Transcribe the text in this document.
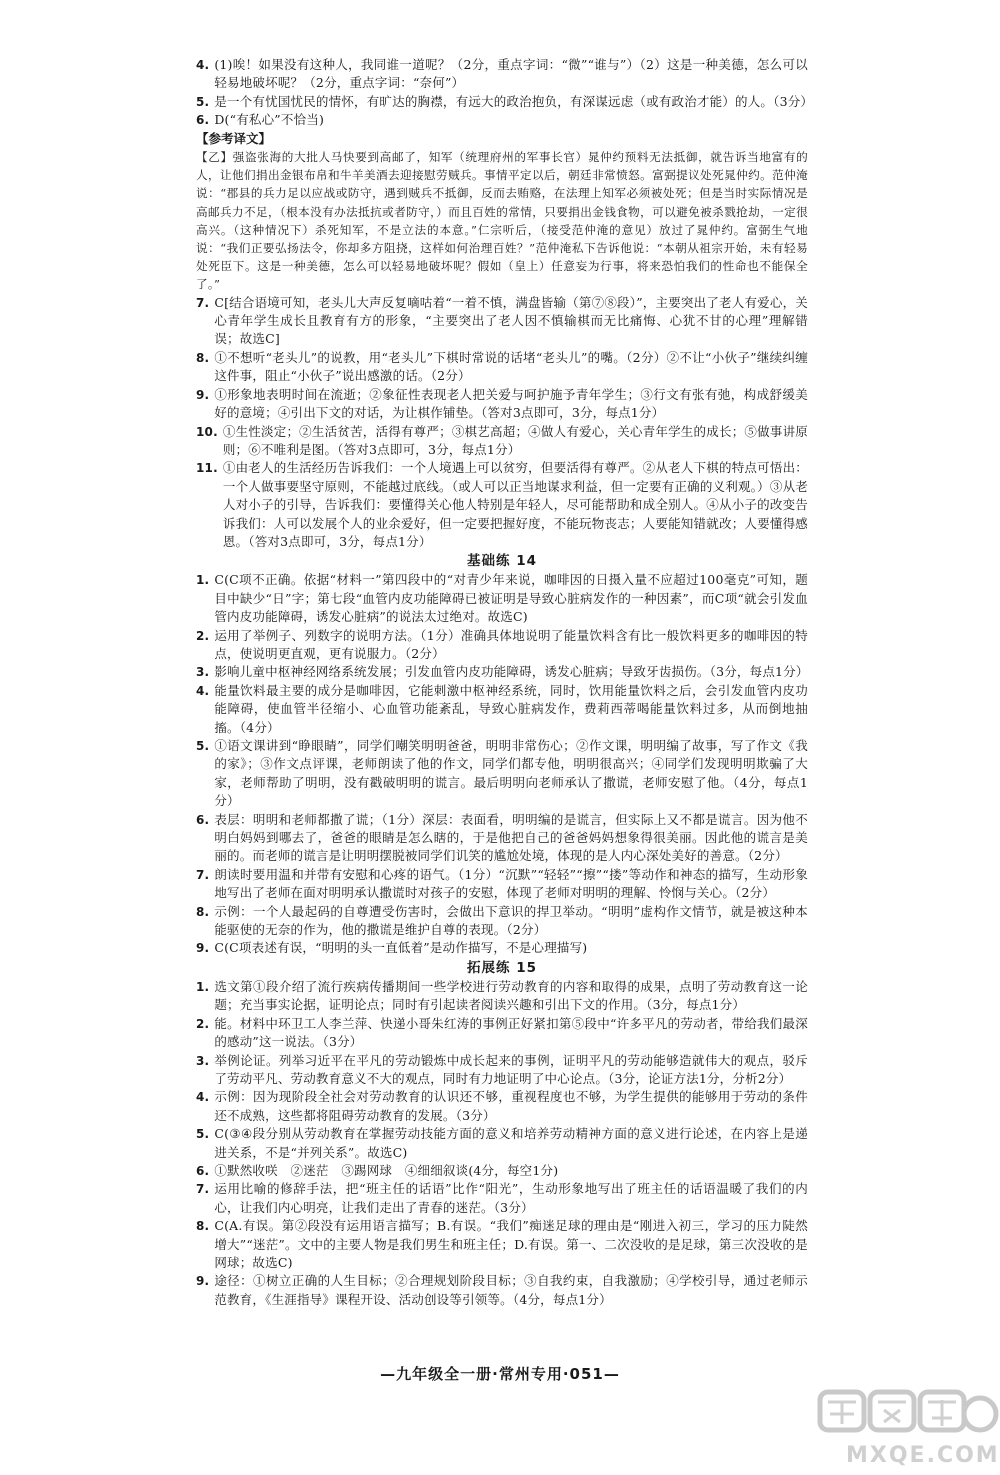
4. (1)唉！如果没有这种人，我同谁一道呢？（2分，重点字词：“微”“谁与”）（2）这是一种美德，怎么可以轻易地破坏呢？（2分，重点字词：“奈何”）
5. 是一个有忧国忧民的情怀，有旷达的胸襟，有远大的政治抱负，有深谋远虑（或有政治才能）的人。（3分）
6. D(“有私心”不恰当)
【参考译文】
【乙】强盗张海的大批人马快要到高邮了，知军（统理府州的军事长官）晁仲约预料无法抵御，就告诉当地富有的人，让他们捐出金银布帛和牛羊美酒去迎接慰劳贼兵。事情平定以后，朝廷非常愤怒。富弼提议处死晁仲约。范仲淹说：“郡县的兵力足以应战或防守，遇到贼兵不抵御，反而去贿赂，在法理上知军必须被处死；但是当时实际情况是高邮兵力不足，（根本没有办法抵抗或者防守，）而且百姓的常情，只要捐出金钱食物，可以避免被杀戮抢劫，一定很高兴。（这种情况下）杀死知军，不是立法的本意。”仁宗听后，（接受范仲淹的意见）放过了晁仲约。富弼生气地说：“我们正要弘扬法令，你却多方阻挠，这样如何治理百姓？”范仲淹私下告诉他说：“本朝从祖宗开始，未有轻易处死臣下。这是一种美德，怎么可以轻易地破坏呢？假如（皇上）任意妄为行事，将来恐怕我们的性命也不能保全了。”
7. C[结合语境可知，老头儿大声反复嘀咕着“一着不慎，满盘皆输（第⑦⑧段）”，主要突出了老人有爱心，关心青年学生成长且教育有方的形象，“主要突出了老人因不慎输棋而无比痛悔、心犹不甘的心理”理解错误；故选C]
8. ①不想听“老头儿”的说教，用“老头儿”下棋时常说的话堵“老头儿”的嘴。（2分）②不让“小伙子”继续纠缠这件事，阻止“小伙子”说出感激的话。（2分）
9. ①形象地表明时间在流逝；②象征性表现老人把关爱与呵护施予青年学生；③行文有张有弛，构成舒缓美好的意境；④引出下文的对话，为让棋作铺垫。（答对3点即可，3分，每点1分）
10. ①生性淡定；②生活贫苦，活得有尊严；③棋艺高超；④做人有爱心，关心青年学生的成长；⑤做事讲原则；⑥不唯利是图。（答对3点即可，3分，每点1分）
11. ①由老人的生活经历告诉我们：一个人境遇上可以贫穷，但要活得有尊严。②从老人下棋的特点可悟出：一个人做事要坚守原则，不能越过底线。（或人可以正当地谋求利益，但一定要有正确的义利观。）③从老人对小子的引导，告诉我们：要懂得关心他人特别是年轻人，尽可能帮助和成全别人。④从小子的改变告诉我们：人可以发展个人的业余爱好，但一定要把握好度，不能玩物丧志；人要能知错就改；人要懂得感恩。（答对3点即可，3分，每点1分）
基础练 14
1. C(C项不正确。依据“材料一”第四段中的“对青少年来说，咖啡因的日摄入量不应超过100毫克”可知，题目中缺少“日”字；第七段“血管内皮功能障碍已被证明是导致心脏病发作的一种因素”，而C项“就会引发血管内皮功能障碍，诱发心脏病”的说法太过绝对。故选C)
2. 运用了举例子、列数字的说明方法。（1分）准确具体地说明了能量饮料含有比一般饮料更多的咖啡因的特点，使说明更直观，更有说服力。（2分）
3. 影响儿童中枢神经网络系统发展；引发血管内皮功能障碍，诱发心脏病；导致牙齿损伤。（3分，每点1分）
4. 能量饮料最主要的成分是咖啡因，它能刺激中枢神经系统，同时，饮用能量饮料之后，会引发血管内皮功能障碍，使血管半径缩小、心血管功能紊乱，导致心脏病发作，费莉西蒂喝能量饮料过多，从而倒地抽搐。（4分）
5. ①语文课讲到“睁眼睛”，同学们嘲笑明明爸爸，明明非常伤心；②作文课，明明编了故事，写了作文《我的家》；③作文点评课，老师朗读了他的作文，同学们都专他，明明很高兴；④同学们发现明明欺骗了大家，老师帮助了明明，没有戳破明明的谎言。最后明明向老师承认了撒谎，老师安慰了他。（4分，每点1分）
6. 表层：明明和老师都撒了谎；（1分）深层：表面看，明明编的是谎言，但实际上又不都是谎言。因为他不明白妈妈到哪去了，爸爸的眼睛是怎么瞎的，于是他把自己的爸爸妈妈想象得很美丽。因此他的谎言是美丽的。而老师的谎言是让明明摆脱被同学们讥笑的尴尬处境，体现的是人内心深处美好的善意。（2分）
7. 朗读时要用温和并带有安慰和心疼的语气。（1分）“沉默”“轻轻”“擦”“搂”等动作和神态的描写，生动形象地写出了老师在面对明明承认撒谎时对孩子的安慰，体现了老师对明明的理解、怜悯与关心。（2分）
8. 示例：一个人最起码的自尊遭受伤害时，会做出下意识的捍卫举动。“明明”虚构作文情节，就是被这种本能驱使的无奈的作为，他的撒谎是维护自尊的表现。（2分）
9. C(C项表述有误，“明明的头一直低着”是动作描写，不是心理描写)
拓展练 15
1. 选文第①段介绍了流行疾病传播期间一些学校进行劳动教育的内容和取得的成果，点明了劳动教育这一论题；充当事实论据，证明论点；同时有引起读者阅读兴趣和引出下文的作用。（3分，每点1分）
2. 能。材料中环卫工人李兰萍、快递小哥朱红涛的事例正好紧扣第⑤段中“许多平凡的劳动者，带给我们最深的感动”这一说法。（3分）
3. 举例论证。列举习近平在平凡的劳动锻炼中成长起来的事例，证明平凡的劳动能够造就伟大的观点，驳斥了劳动平凡、劳动教育意义不大的观点，同时有力地证明了中心论点。（3分，论证方法1分，分析2分）
4. 示例：因为现阶段全社会对劳动教育的认识还不够，重视程度也不够，为学生提供的能够用于劳动的条件还不成熟，这些都将阻碍劳动教育的发展。（3分）
5. C(③④段分别从劳动教育在掌握劳动技能方面的意义和培养劳动精神方面的意义进行论述，在内容上是递进关系，不是“并列关系”。故选C)
6. ①默然收咲　②迷茫　③踢网球　④细细叙谈(4分，每空1分)
7. 运用比喻的修辞手法，把“班主任的话语”比作“阳光”，生动形象地写出了班主任的话语温暖了我们的内心，让我们内心明亮，让我们走出了青春的迷茫。（3分）
8. C(A.有误。第②段没有运用语言描写；B.有误。“我们”痴迷足球的理由是“刚进入初三，学习的压力陡然增大”“迷茫”。文中的主要人物是我们男生和班主任；D.有误。第一、二次没收的是足球，第三次没收的是网球；故选C)
9. 途径：①树立正确的人生目标；②合理规划阶段目标；③自我约束，自我激励；④学校引导，通过老师示范教育，《生涯指导》课程开设、活动创设等引领等。（4分，每点1分）
—九年级全一册·常州专用·051—
MXQE.COM
